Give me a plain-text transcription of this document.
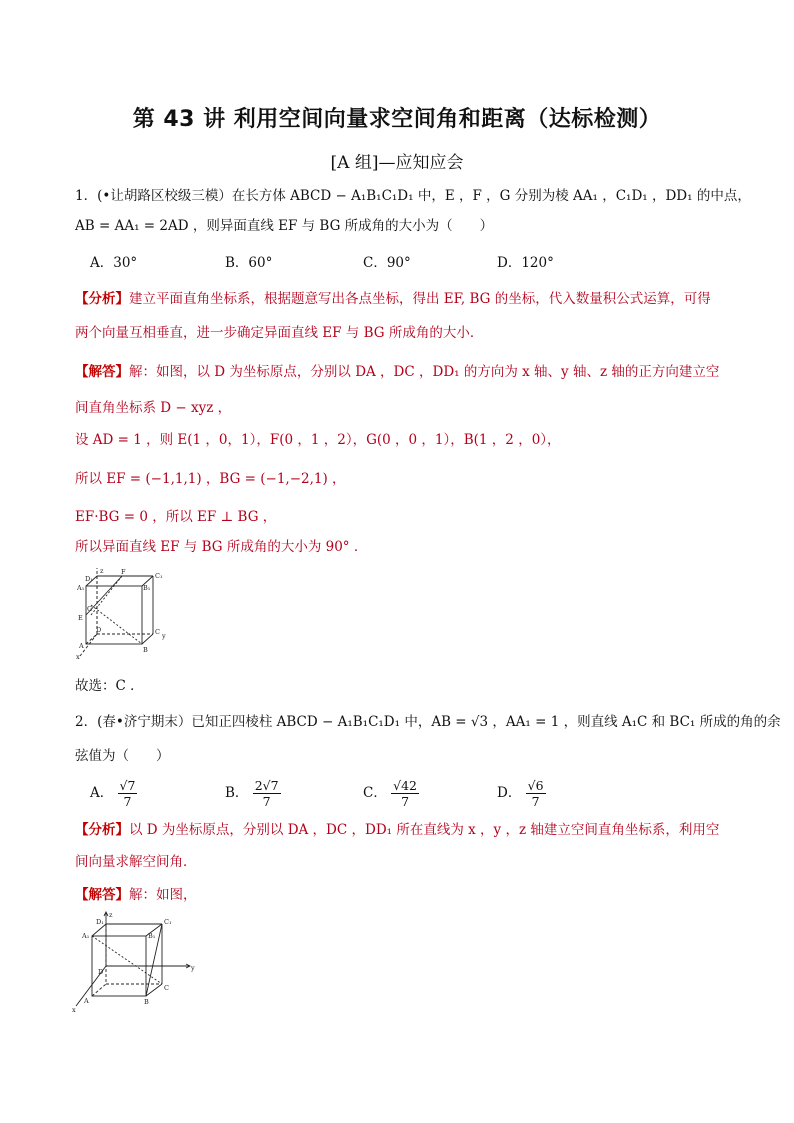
第 43 讲 利用空间向量求空间角和距离（达标检测）
[A 组]—应知应会
1．(•让胡路区校级三模）在长方体 ABCD − A₁B₁C₁D₁ 中，E ，F ，G 分别为棱 AA₁ ，C₁D₁ ，DD₁ 的中点，
AB = AA₁ = 2AD ，则异面直线 EF 与 BG 所成角的大小为（　　）
A．30°	B．60°	C．90°	D．120°
【分析】建立平面直角坐标系，根据题意写出各点坐标，得出 EF, BG 的坐标，代入数量积公式运算，可得
两个向量互相垂直，进一步确定异面直线 EF 与 BG 所成角的大小．
【解答】解：如图，以 D 为坐标原点，分别以 DA ，DC ，DD₁ 的方向为 x 轴、y 轴、z 轴的正方向建立空
间直角坐标系 D − xyz ，
设 AD = 1 ，则 E(1 ，0，1），F(0 ，1 ，2），G(0 ，0 ，1），B(1 ，2 ，0），
所以 EF = (−1,1,1) ，BG = (−1,−2,1) ，
EF·BG = 0 ，所以 EF ⊥ BG ，
所以异面直线 EF 与 BG 所成角的大小为 90° ．
D₁
F	C₁
A₁	B₁
G
E
D	C
A	B
z
y
x
故选：C ．
2．(春•济宁期末）已知正四棱柱 ABCD − A₁B₁C₁D₁ 中，AB = √3 ，AA₁ = 1 ，则直线 A₁C 和 BC₁ 所成的角的余
弦值为（　　）
A． $\frac{√7}{7}$	B． $\frac{2√7}{7}$	C． $\frac{√42}{7}$	D． $\frac{√6}{7}$
【分析】以 D 为坐标原点，分别以 DA ，DC ，DD₁ 所在直线为 x ，y ，z 轴建立空间直角坐标系，利用空
间向量求解空间角．
【解答】解：如图，
z
D₁	C₁
A₁	B₁
D
C
y
A	B
x
